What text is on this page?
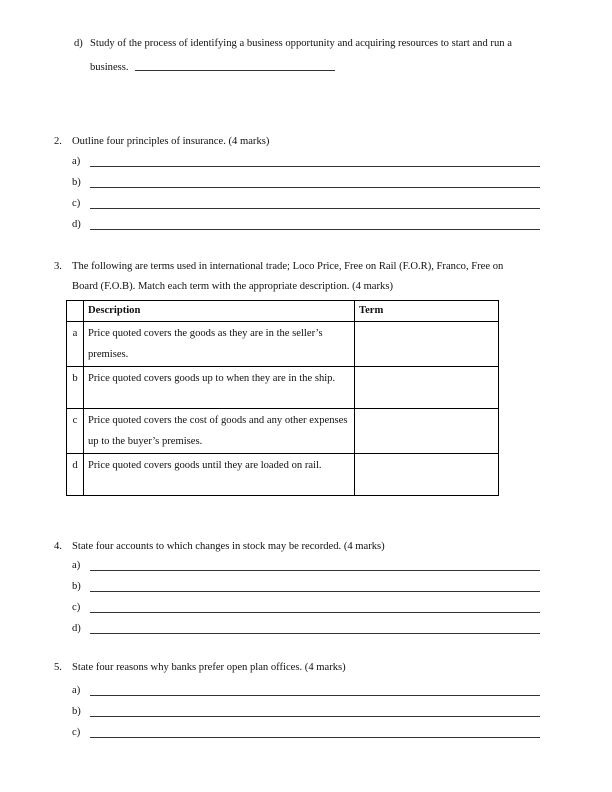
d) Study of the process of identifying a business opportunity and acquiring resources to start and run a
business.
2. Outline four principles of insurance. (4 marks)
a)
b)
c)
d)
3. The following are terms used in international trade; Loco Price, Free on Rail (F.O.R), Franco, Free on
Board (F.O.B). Match each term with the appropriate description. (4 marks)
	Description	Term
a	Price quoted covers the goods as they are in the seller’s premises.	
b	Price quoted covers goods up to when they are in the ship.	
c	Price quoted covers the cost of goods and any other expenses up to the buyer’s premises.	
d	Price quoted covers goods until they are loaded on rail.	
4. State four accounts to which changes in stock may be recorded. (4 marks)
a)
b)
c)
d)
5. State four reasons why banks prefer open plan offices. (4 marks)
a)
b)
c)
